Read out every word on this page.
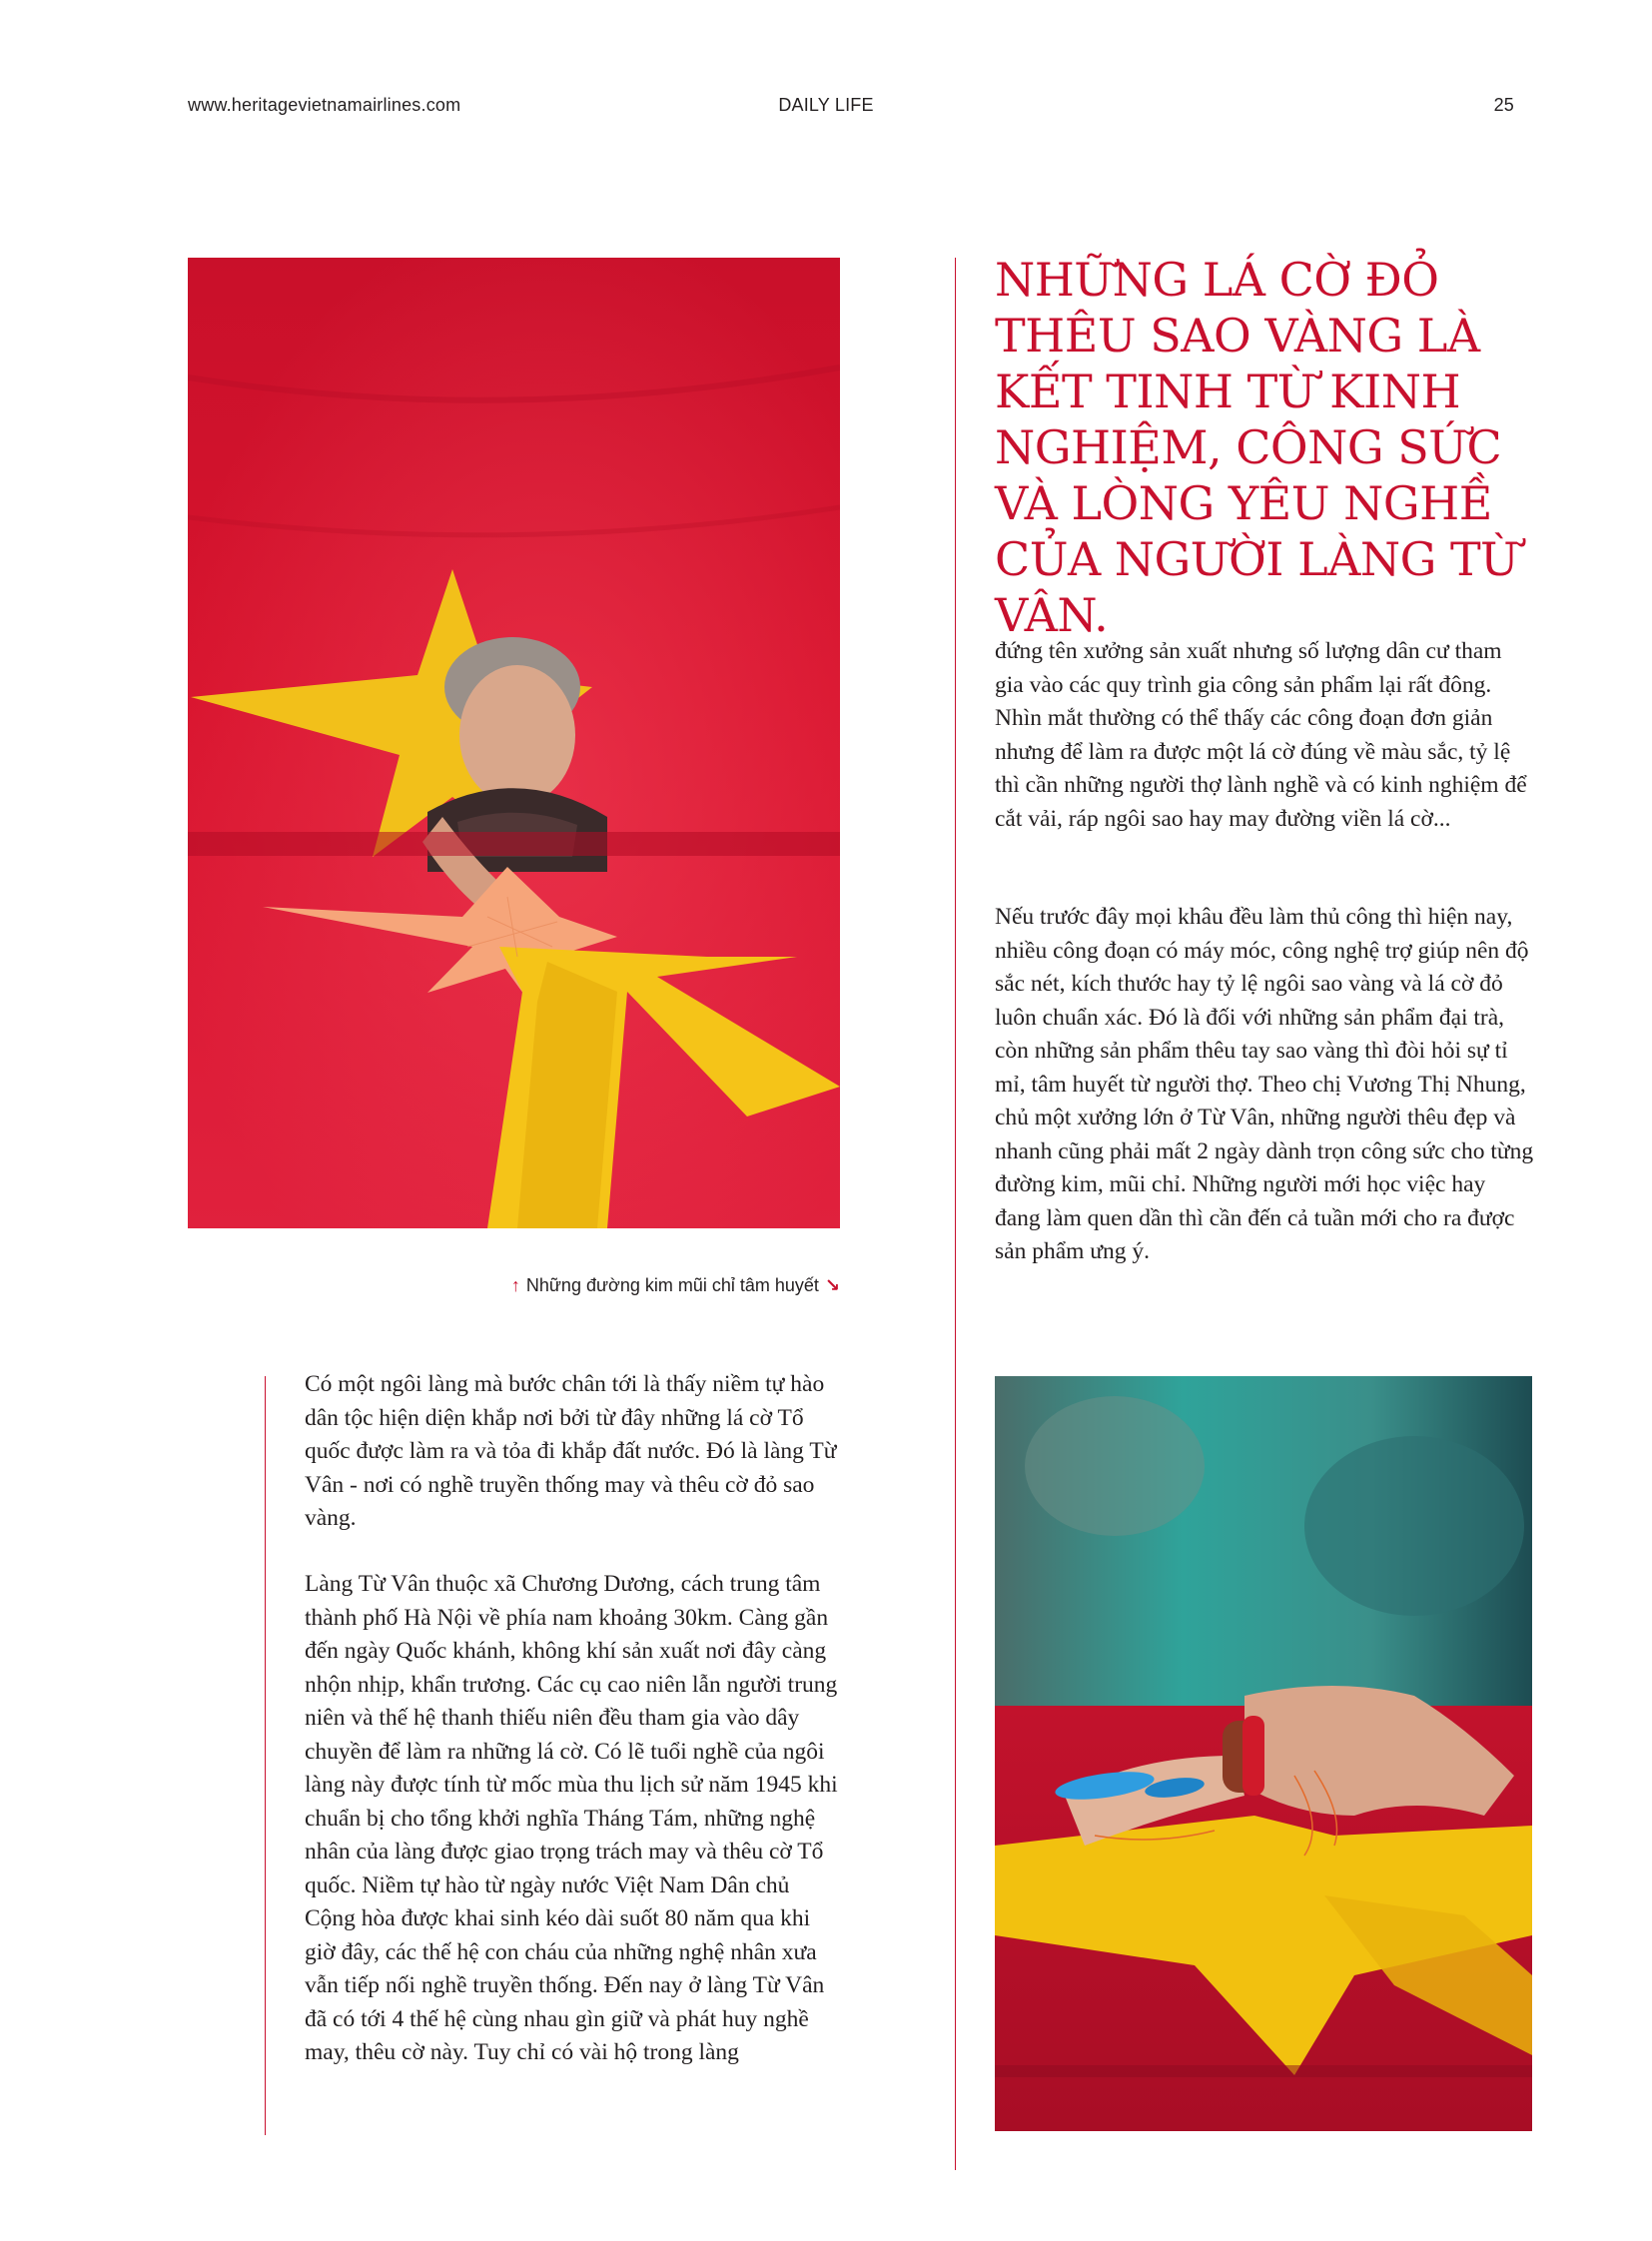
www.heritagevietnamairlines.com	DAILY LIFE	25
↑ Những đường kim mũi chỉ tâm huyết ↘
NHỮNG LÁ CỜ ĐỎ THÊU SAO VÀNG LÀ KẾT TINH TỪ KINH NGHIỆM, CÔNG SỨC VÀ LÒNG YÊU NGHỀ CỦA NGƯỜI LÀNG TỪ VÂN.

đứng tên xưởng sản xuất nhưng số lượng dân cư tham gia vào các quy trình gia công sản phẩm lại rất đông. Nhìn mắt thường có thể thấy các công đoạn đơn giản nhưng để làm ra được một lá cờ đúng về màu sắc, tỷ lệ thì cần những người thợ lành nghề và có kinh nghiệm để cắt vải, ráp ngôi sao hay may đường viền lá cờ...

Nếu trước đây mọi khâu đều làm thủ công thì hiện nay, nhiều công đoạn có máy móc, công nghệ trợ giúp nên độ sắc nét, kích thước hay tỷ lệ ngôi sao vàng và lá cờ đỏ luôn chuẩn xác. Đó là đối với những sản phẩm đại trà, còn những sản phẩm thêu tay sao vàng thì đòi hỏi sự tỉ mỉ, tâm huyết từ người thợ. Theo chị Vương Thị Nhung, chủ một xưởng lớn ở Từ Vân, những người thêu đẹp và nhanh cũng phải mất 2 ngày dành trọn công sức cho từng đường kim, mũi chỉ. Những người mới học việc hay đang làm quen dần thì cần đến cả tuần mới cho ra được sản phẩm ưng ý.

Có một ngôi làng mà bước chân tới là thấy niềm tự hào dân tộc hiện diện khắp nơi bởi từ đây những lá cờ Tổ quốc được làm ra và tỏa đi khắp đất nước. Đó là làng Từ Vân - nơi có nghề truyền thống may và thêu cờ đỏ sao vàng.

Làng Từ Vân thuộc xã Chương Dương, cách trung tâm thành phố Hà Nội về phía nam khoảng 30km. Càng gần đến ngày Quốc khánh, không khí sản xuất nơi đây càng nhộn nhịp, khẩn trương. Các cụ cao niên lẫn người trung niên và thế hệ thanh thiếu niên đều tham gia vào dây chuyền để làm ra những lá cờ. Có lẽ tuổi nghề của ngôi làng này được tính từ mốc mùa thu lịch sử năm 1945 khi chuẩn bị cho tổng khởi nghĩa Tháng Tám, những nghệ nhân của làng được giao trọng trách may và thêu cờ Tổ quốc. Niềm tự hào từ ngày nước Việt Nam Dân chủ Cộng hòa được khai sinh kéo dài suốt 80 năm qua khi giờ đây, các thế hệ con cháu của những nghệ nhân xưa vẫn tiếp nối nghề truyền thống. Đến nay ở làng Từ Vân đã có tới 4 thế hệ cùng nhau gìn giữ và phát huy nghề may, thêu cờ này. Tuy chỉ có vài hộ trong làng
